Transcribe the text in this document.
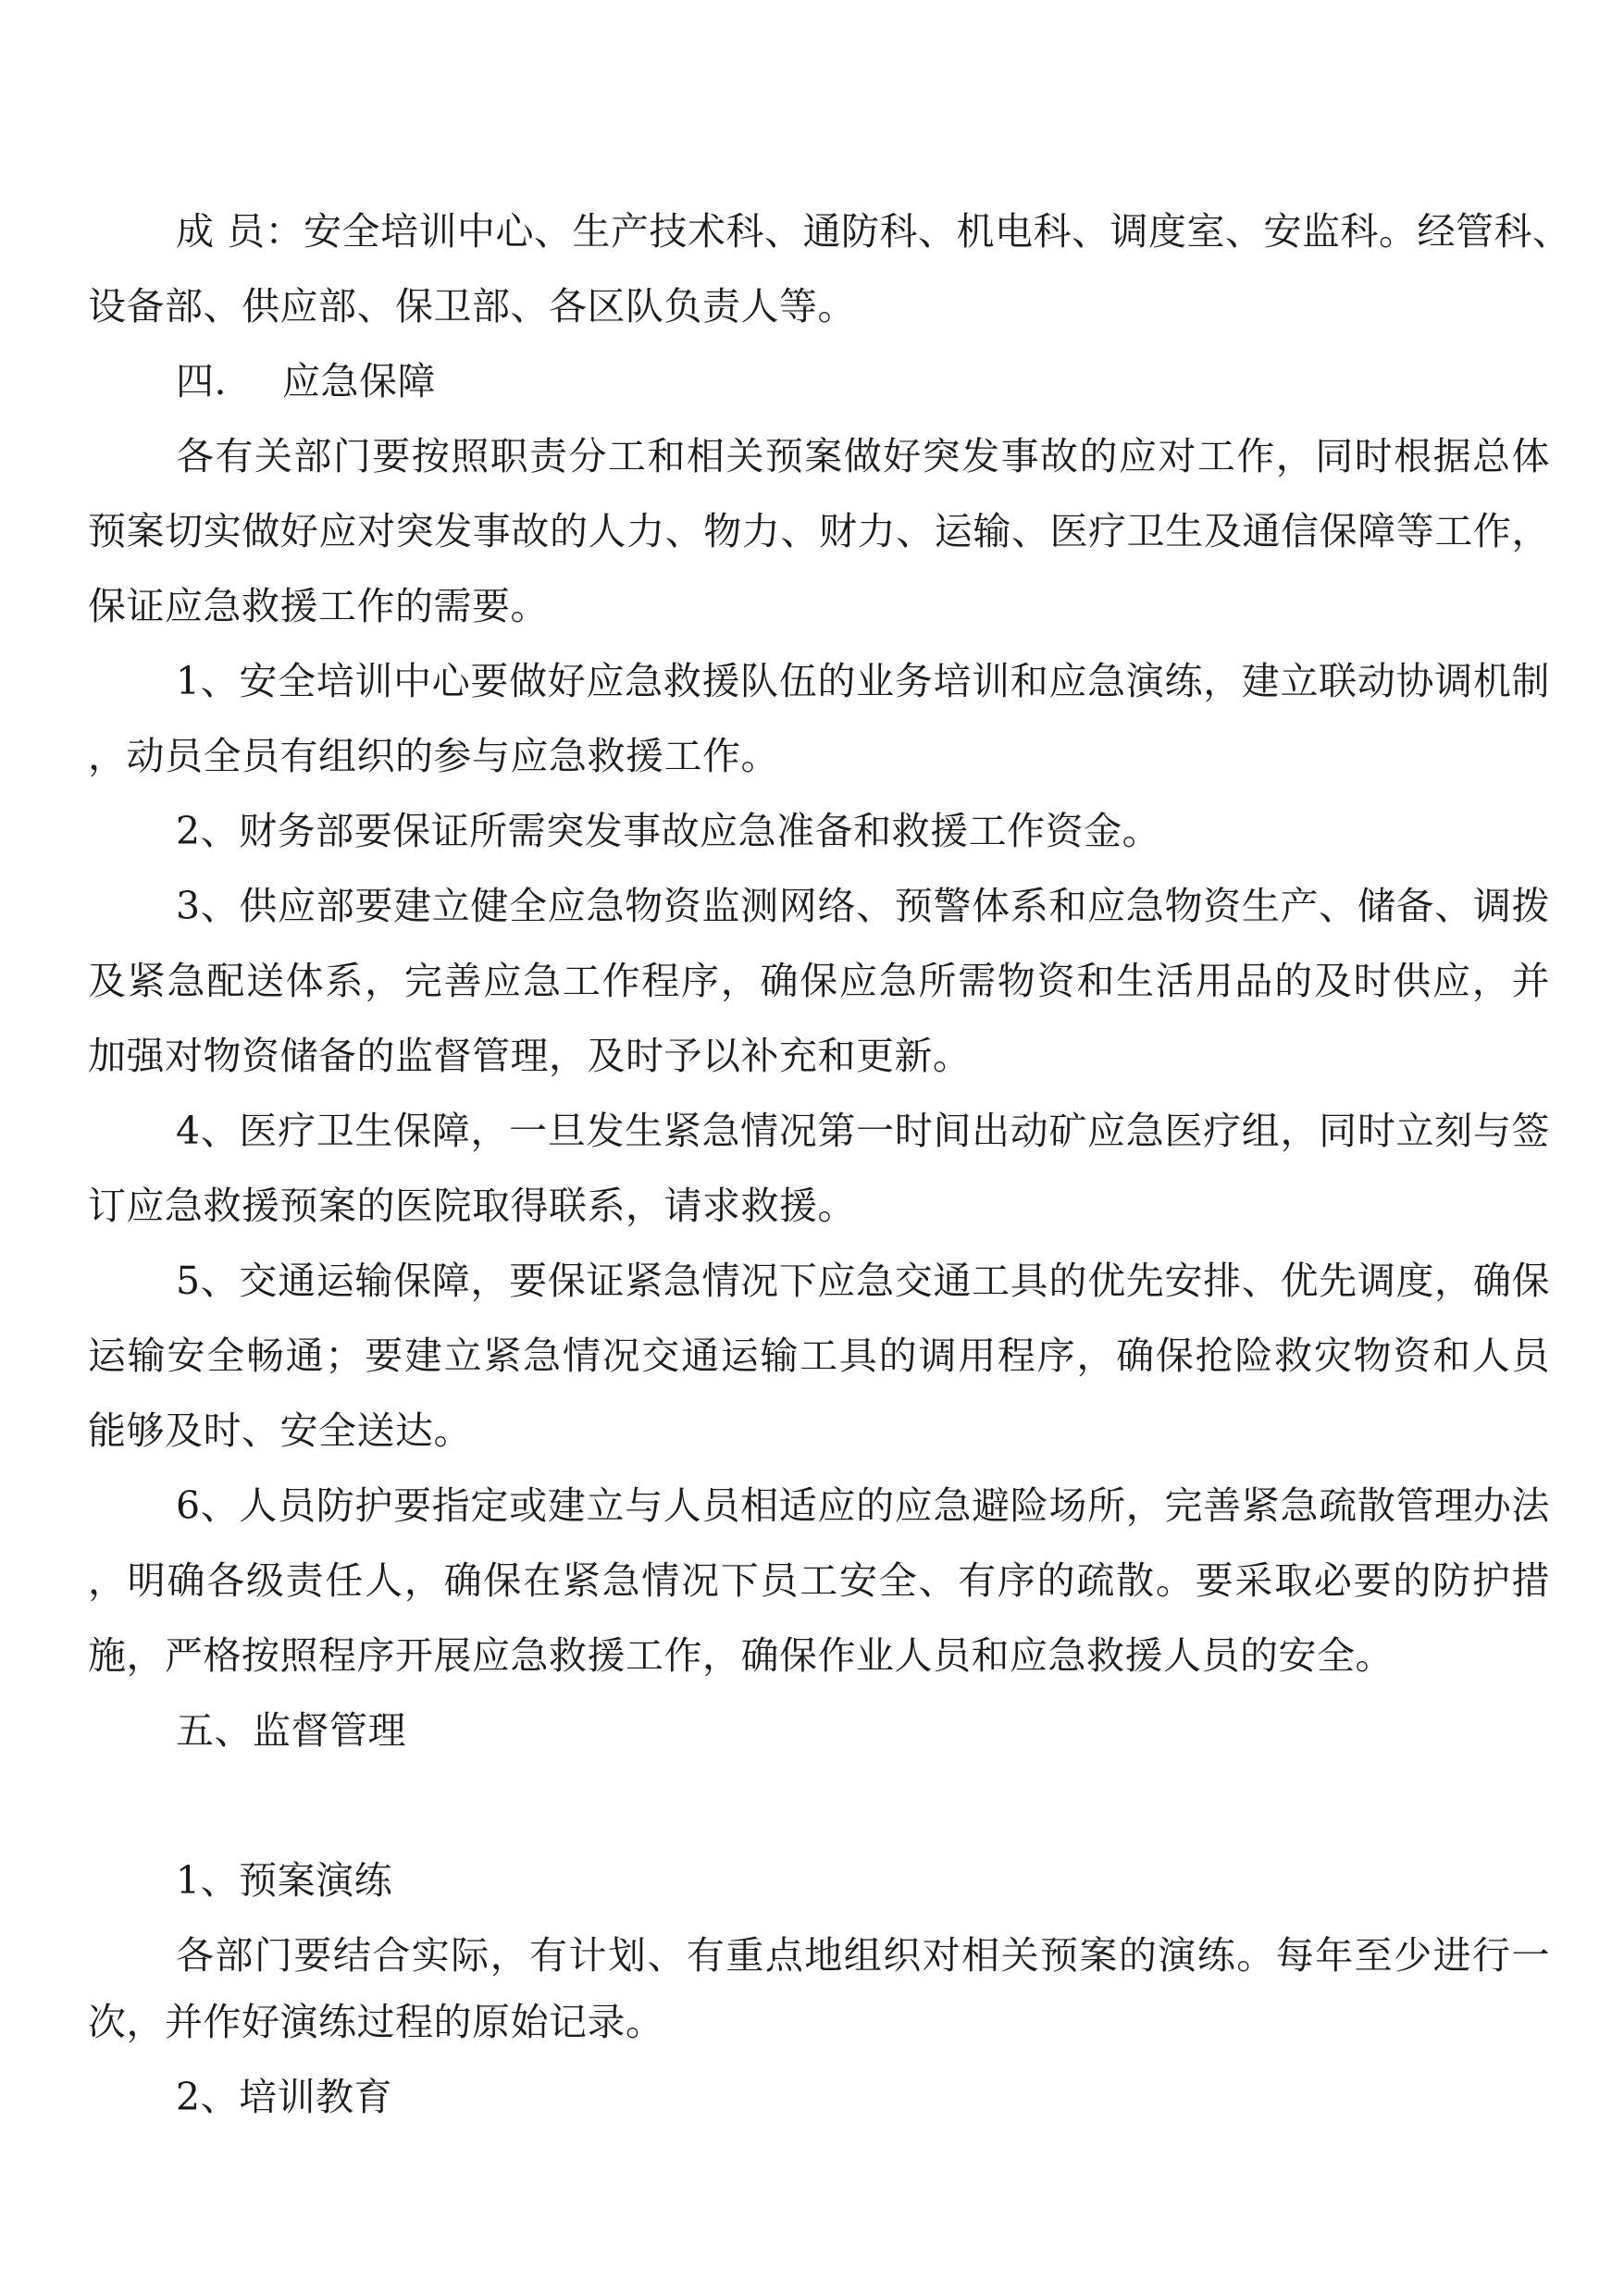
成 员：安全培训中心、生产技术科、通防科、机电科、调度室、安监科。经管科、
设备部、供应部、保卫部、各区队负责人等。
四. 应急保障
各有关部门要按照职责分工和相关预案做好突发事故的应对工作，同时根据总体
预案切实做好应对突发事故的人力、物力、财力、运输、医疗卫生及通信保障等工作，
保证应急救援工作的需要。
1、安全培训中心要做好应急救援队伍的业务培训和应急演练，建立联动协调机制
，动员全员有组织的参与应急救援工作。
2、财务部要保证所需突发事故应急准备和救援工作资金。
3、供应部要建立健全应急物资监测网络、预警体系和应急物资生产、储备、调拨
及紧急配送体系，完善应急工作程序，确保应急所需物资和生活用品的及时供应，并
加强对物资储备的监督管理，及时予以补充和更新。
4、医疗卫生保障，一旦发生紧急情况第一时间出动矿应急医疗组，同时立刻与签
订应急救援预案的医院取得联系，请求救援。
5、交通运输保障，要保证紧急情况下应急交通工具的优先安排、优先调度，确保
运输安全畅通；要建立紧急情况交通运输工具的调用程序，确保抢险救灾物资和人员
能够及时、安全送达。
6、人员防护要指定或建立与人员相适应的应急避险场所，完善紧急疏散管理办法
，明确各级责任人，确保在紧急情况下员工安全、有序的疏散。要采取必要的防护措
施，严格按照程序开展应急救援工作，确保作业人员和应急救援人员的安全。
五、监督管理
1、预案演练
各部门要结合实际，有计划、有重点地组织对相关预案的演练。每年至少进行一
次，并作好演练过程的原始记录。
2、培训教育
